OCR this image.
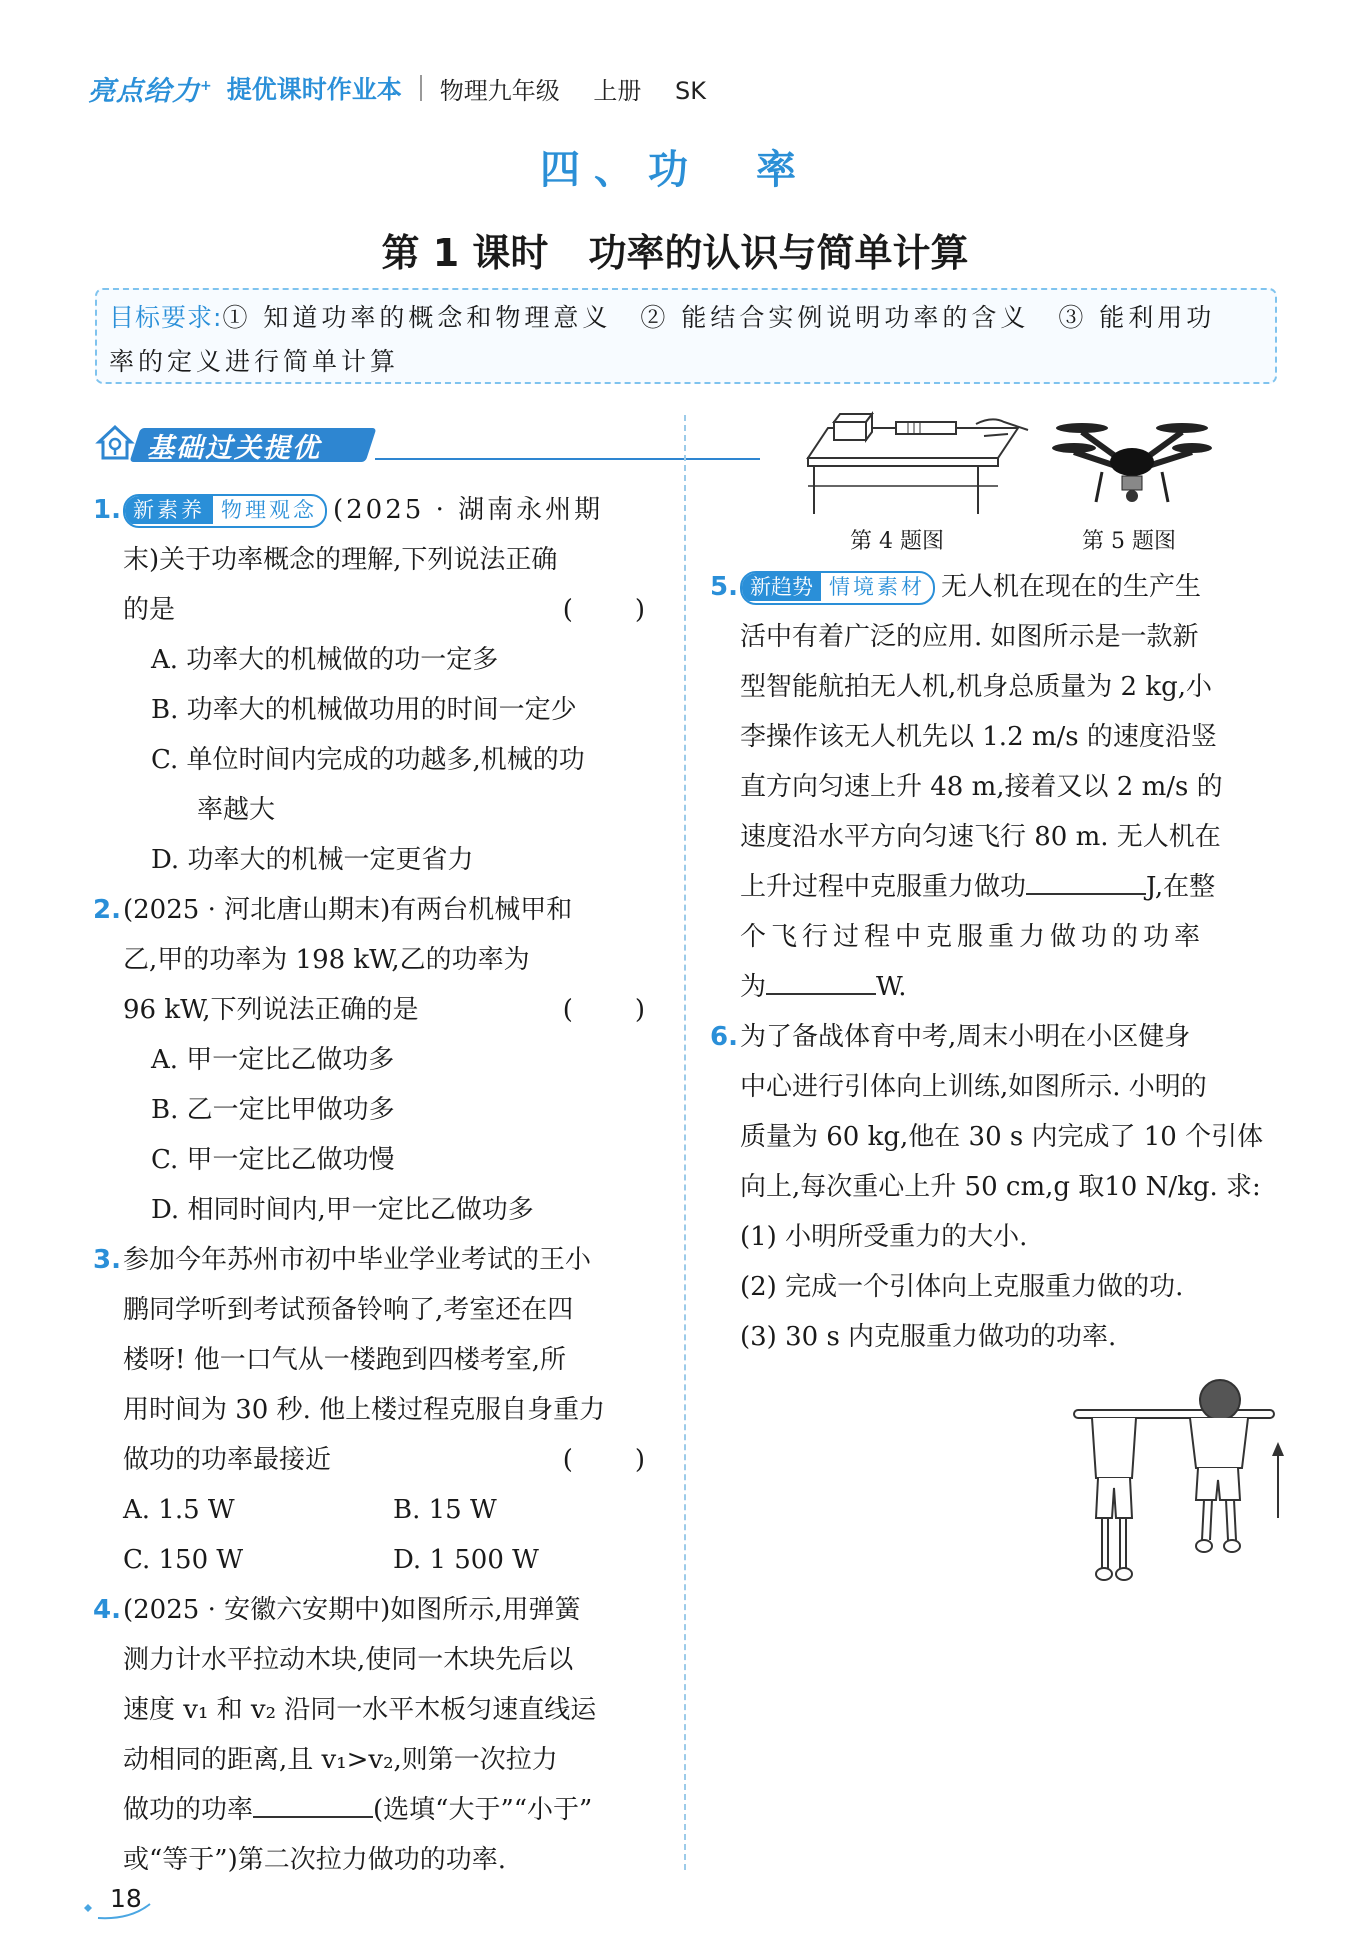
亮点给力+ 提优课时作业本 物理九年级 上册 SK
四、功　率
第 1 课时 功率的认识与简单计算
目标要求:① 知道功率的概念和物理意义　② 能结合实例说明功率的含义　③ 能利用功
率的定义进行简单计算
基础过关提优
1. 新素养 物理观念 (2025 · 湖南永州期

末)关于功率概念的理解,下列说法正确

的是	(　)

A. 功率大的机械做的功一定多

B. 功率大的机械做功用的时间一定少

C. 单位时间内完成的功越多,机械的功

率越大

D. 功率大的机械一定更省力

2. (2025 · 河北唐山期末)有两台机械甲和

乙,甲的功率为 198 kW,乙的功率为

96 kW,下列说法正确的是	(　)

A. 甲一定比乙做功多

B. 乙一定比甲做功多

C. 甲一定比乙做功慢

D. 相同时间内,甲一定比乙做功多

3. 参加今年苏州市初中毕业学业考试的王小

鹏同学听到考试预备铃响了,考室还在四

楼呀! 他一口气从一楼跑到四楼考室,所

用时间为 30 秒. 他上楼过程克服自身重力

做功的功率最接近	(　)

A. 1.5 W	B. 15 W

C. 150 W	D. 1 500 W

4. (2025 · 安徽六安期中)如图所示,用弹簧

测力计水平拉动木块,使同一木块先后以

速度 v₁ 和 v₂ 沿同一水平木板匀速直线运

动相同的距离,且 v₁>v₂,则第一次拉力

做功的功率	(选填“大于”“小于”

或“等于”)第二次拉力做功的功率.

第 4 题图	第 5 题图
5. 新趋势 情境素材 无人机在现在的生产生

活中有着广泛的应用. 如图所示是一款新

型智能航拍无人机,机身总质量为 2 kg,小

李操作该无人机先以 1.2 m/s 的速度沿竖

直方向匀速上升 48 m,接着又以 2 m/s 的

速度沿水平方向匀速飞行 80 m. 无人机在

上升过程中克服重力做功	J,在整

个飞行过程中克服重力做功的功率

为	W.

6. 为了备战体育中考,周末小明在小区健身

中心进行引体向上训练,如图所示. 小明的

质量为 60 kg,他在 30 s 内完成了 10 个引体

向上,每次重心上升 50 cm,g 取10 N/kg. 求:

(1) 小明所受重力的大小.

(2) 完成一个引体向上克服重力做的功.

(3) 30 s 内克服重力做功的功率.

18
